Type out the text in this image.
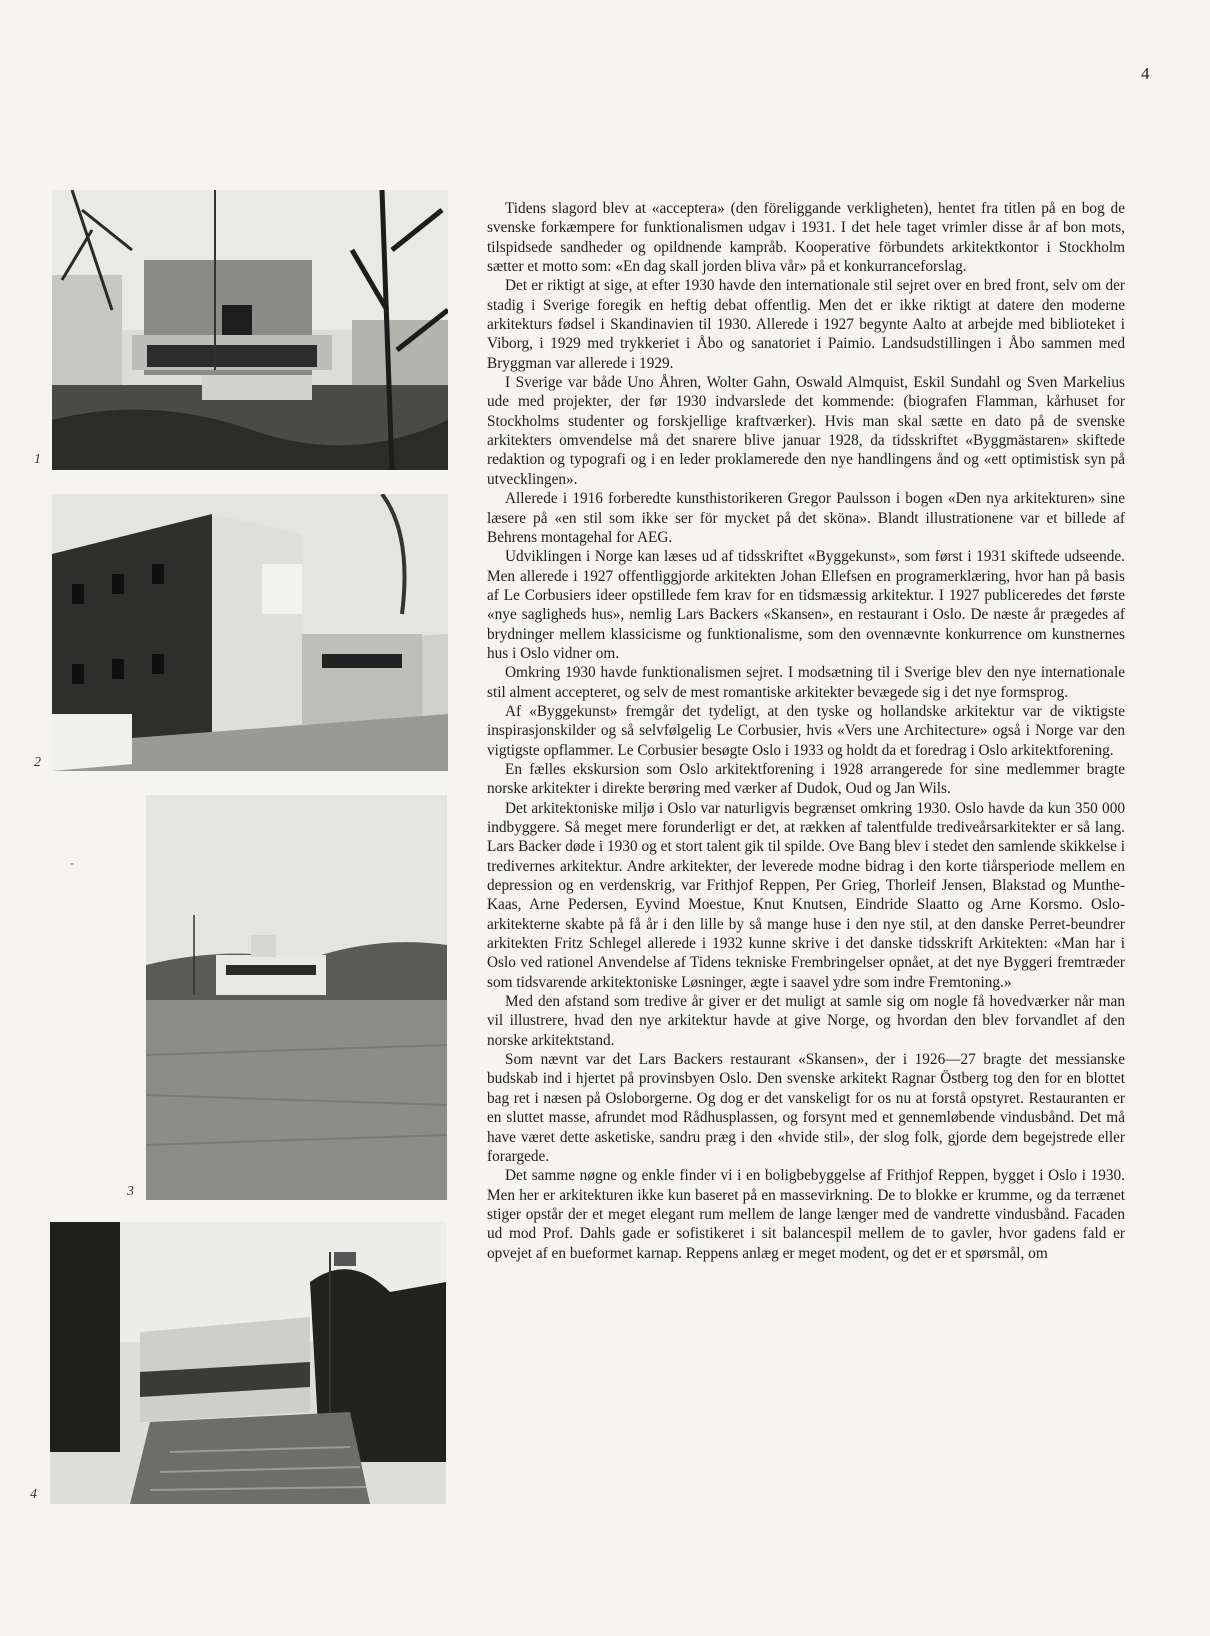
4
1
2
3
"
4

Tidens slagord blev at «acceptera» (den föreliggande verkligheten), hentet fra titlen på en bog de svenske forkæmpere for funktionalismen udgav i 1931. I det hele taget vrimler disse år af bon mots, tilspidsede sandheder og opildnende kampråb. Kooperative förbundets arkitektkontor i Stockholm sætter et motto som: «En dag skall jorden bliva vår» på et konkurranceforslag.

Det er riktigt at sige, at efter 1930 havde den internationale stil sejret over en bred front, selv om der stadig i Sverige foregik en heftig debat offentlig. Men det er ikke riktigt at datere den moderne arkitekturs fødsel i Skandinavien til 1930. Allerede i 1927 begynte Aalto at arbejde med biblioteket i Viborg, i 1929 med trykkeriet i Åbo og sanatoriet i Paimio. Landsudstillingen i Åbo sammen med Bryggman var allerede i 1929.

I Sverige var både Uno Åhren, Wolter Gahn, Oswald Almquist, Eskil Sundahl og Sven Markelius ude med projekter, der før 1930 indvarslede det kommende: (biografen Flamman, kårhuset for Stockholms studenter og forskjellige kraftværker). Hvis man skal sætte en dato på de svenske arkitekters omvendelse må det snarere blive januar 1928, da tidsskriftet «Byggmästaren» skiftede redaktion og typografi og i en leder proklamerede den nye handlingens ånd og «ett optimistisk syn på utvecklingen».

Allerede i 1916 forberedte kunsthistorikeren Gregor Paulsson i bogen «Den nya arkitekturen» sine læsere på «en stil som ikke ser för mycket på det sköna». Blandt illustrationene var et billede af Behrens montagehal for AEG.

Udviklingen i Norge kan læses ud af tidsskriftet «Byggekunst», som først i 1931 skiftede udseende. Men allerede i 1927 offentliggjorde arkitekten Johan Ellefsen en programerklæring, hvor han på basis af Le Corbusiers ideer opstillede fem krav for en tidsmæssig arkitektur. I 1927 publiceredes det første «nye sagligheds hus», nemlig Lars Backers «Skansen», en restaurant i Oslo. De næste år prægedes af brydninger mellem klassicisme og funktionalisme, som den ovennævnte konkurrence om kunstnernes hus i Oslo vidner om.

Omkring 1930 havde funktionalismen sejret. I modsætning til i Sverige blev den nye internationale stil alment accepteret, og selv de mest romantiske arkitekter bevægede sig i det nye formsprog.

Af «Byggekunst» fremgår det tydeligt, at den tyske og hollandske arkitektur var de viktigste inspirasjonskilder og så selvfølgelig Le Corbusier, hvis «Vers une Architecture» også i Norge var den vigtigste opflammer. Le Corbusier besøgte Oslo i 1933 og holdt da et foredrag i Oslo arkitektforening.

En fælles ekskursion som Oslo arkitektforening i 1928 arrangerede for sine medlemmer bragte norske arkitekter i direkte berøring med værker af Dudok, Oud og Jan Wils.

Det arkitektoniske miljø i Oslo var naturligvis begrænset omkring 1930. Oslo havde da kun 350 000 indbyggere. Så meget mere forunderligt er det, at rækken af talentfulde trediveårsarkitekter er så lang. Lars Backer døde i 1930 og et stort talent gik til spilde. Ove Bang blev i stedet den samlende skikkelse i tredivernes arkitektur. Andre arkitekter, der leverede modne bidrag i den korte tiårsperiode mellem en depression og en verdenskrig, var Frithjof Reppen, Per Grieg, Thorleif Jensen, Blakstad og Munthe-Kaas, Arne Pedersen, Eyvind Moestue, Knut Knutsen, Eindride Slaatto og Arne Korsmo. Oslo-arkitekterne skabte på få år i den lille by så mange huse i den nye stil, at den danske Perret-beundrer arkitekten Fritz Schlegel allerede i 1932 kunne skrive i det danske tidsskrift Arkitekten: «Man har i Oslo ved rationel Anvendelse af Tidens tekniske Frembringelser opnået, at det nye Byggeri fremtræder som tidsvarende arkitektoniske Løsninger, ægte i saavel ydre som indre Fremtoning.»

Med den afstand som tredive år giver er det muligt at samle sig om nogle få hovedværker når man vil illustrere, hvad den nye arkitektur havde at give Norge, og hvordan den blev forvandlet af den norske arkitektstand.

Som nævnt var det Lars Backers restaurant «Skansen», der i 1926—27 bragte det messianske budskab ind i hjertet på provinsbyen Oslo. Den svenske arkitekt Ragnar Östberg tog den for en blottet bag ret i næsen på Osloborgerne. Og dog er det vanskeligt for os nu at forstå opstyret. Restauranten er en sluttet masse, afrundet mod Rådhusplassen, og forsynt med et gennemløbende vindusbånd. Det må have været dette asketiske, sandru præg i den «hvide stil», der slog folk, gjorde dem begejstrede eller forargede.

Det samme nøgne og enkle finder vi i en boligbebyggelse af Frithjof Reppen, bygget i Oslo i 1930. Men her er arkitekturen ikke kun baseret på en massevirkning. De to blokke er krumme, og da terrænet stiger opstår der et meget elegant rum mellem de lange længer med de vandrette vindusbånd. Facaden ud mod Prof. Dahls gade er sofistikeret i sit balancespil mellem de to gavler, hvor gadens fald er opvejet af en bueformet karnap. Reppens anlæg er meget modent, og det er et spørsmål, om
